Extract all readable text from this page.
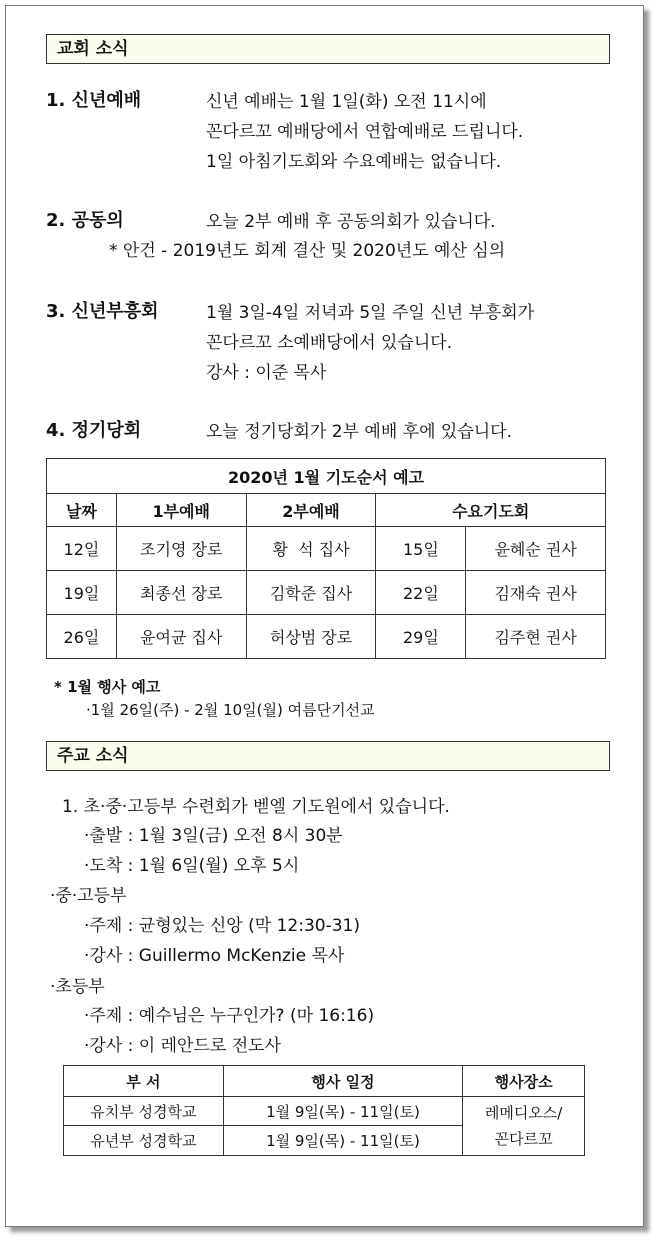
교회 소식
1. 신년예배	신년 예배는 1월 1일(화) 오전 11시에
꼰다르꼬 예배당에서 연합예배로 드립니다.
1일 아침기도회와 수요예배는 없습니다.
2. 공동의	오늘 2부 예배 후 공동의회가 있습니다.
* 안건 - 2019년도 회계 결산 및 2020년도 예산 심의
3. 신년부흥회	1월 3일-4일 저녁과 5일 주일 신년 부흥회가
꼰다르꼬 소예배당에서 있습니다.
강사 : 이준 목사
4. 정기당회	오늘 정기당회가 2부 예배 후에 있습니다.
2020년 1월 기도순서 예고				
날짜	1부예배	2부예배	수요기도회	
12일	조기영 장로	황  석 집사	15일	윤혜순 권사
19일	최종선 장로	김학준 집사	22일	김재숙 권사
26일	윤여균 집사	허상범 장로	29일	김주현 권사
* 1월 행사 예고
·1월 26일(주) - 2월 10일(월) 여름단기선교
주교 소식
1. 초·중·고등부 수련회가 벧엘 기도원에서 있습니다.
·출발 : 1월 3일(금) 오전 8시 30분
·도착 : 1월 6일(월) 오후 5시
·중·고등부
·주제 : 균형있는 신앙 (막 12:30-31)
·강사 : Guillermo McKenzie 목사
·초등부
·주제 : 예수님은 누구인가? (마 16:16)
·강사 : 이 레안드로 전도사
부 서	행사 일정	행사장소
유치부 성경학교	1월 9일(목) - 11일(토)	레메디오스/
꼰다르꼬

유년부 성경학교	1월 9일(목) - 11일(토)	
